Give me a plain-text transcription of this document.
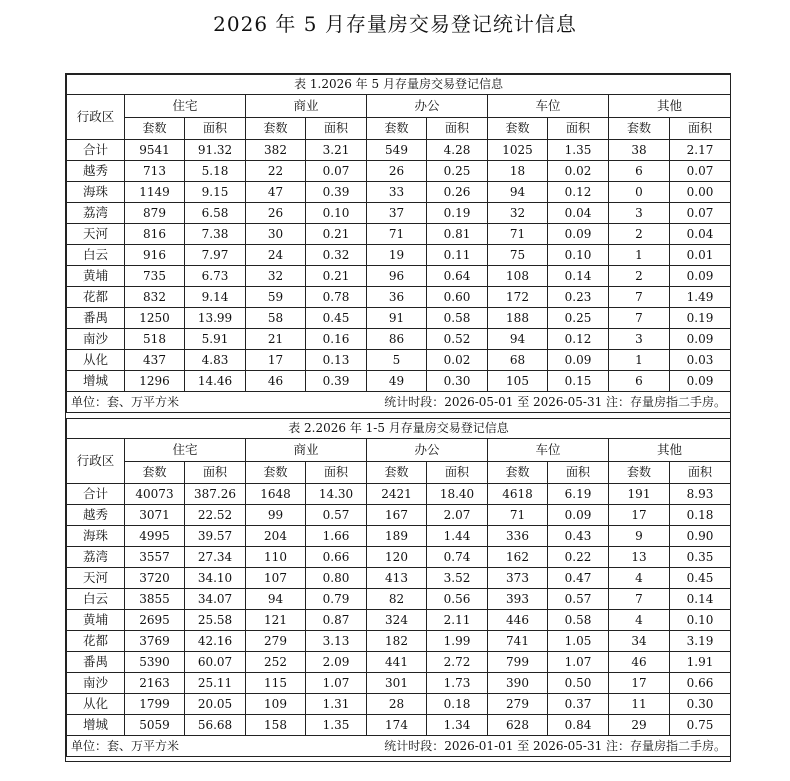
2026 年 5 月存量房交易登记统计信息
表 1.2026 年 5 月存量房交易登记信息										
行政区	住宅		商业		办公		车位		其他	
	套数	面积	套数	面积	套数	面积	套数	面积	套数	面积
合计	9541	91.32	382	3.21	549	4.28	1025	1.35	38	2.17
越秀	713	5.18	22	0.07	26	0.25	18	0.02	6	0.07
海珠	1149	9.15	47	0.39	33	0.26	94	0.12	0	0.00
荔湾	879	6.58	26	0.10	37	0.19	32	0.04	3	0.07
天河	816	7.38	30	0.21	71	0.81	71	0.09	2	0.04
白云	916	7.97	24	0.32	19	0.11	75	0.10	1	0.01
黄埔	735	6.73	32	0.21	96	0.64	108	0.14	2	0.09
花都	832	9.14	59	0.78	36	0.60	172	0.23	7	1.49
番禺	1250	13.99	58	0.45	91	0.58	188	0.25	7	0.19
南沙	518	5.91	21	0.16	86	0.52	94	0.12	3	0.09
从化	437	4.83	17	0.13	5	0.02	68	0.09	1	0.03
增城	1296	14.46	46	0.39	49	0.30	105	0.15	6	0.09

单位：套、万平方米 统计时段：2026-05-01 至 2026-05-31 注：存量房指二手房。										
表 2.2026 年 1-5 月存量房交易登记信息										
行政区	住宅		商业		办公		车位		其他	
	套数	面积	套数	面积	套数	面积	套数	面积	套数	面积
合计	40073	387.26	1648	14.30	2421	18.40	4618	6.19	191	8.93
越秀	3071	22.52	99	0.57	167	2.07	71	0.09	17	0.18
海珠	4995	39.57	204	1.66	189	1.44	336	0.43	9	0.90
荔湾	3557	27.34	110	0.66	120	0.74	162	0.22	13	0.35
天河	3720	34.10	107	0.80	413	3.52	373	0.47	4	0.45
白云	3855	34.07	94	0.79	82	0.56	393	0.57	7	0.14
黄埔	2695	25.58	121	0.87	324	2.11	446	0.58	4	0.10
花都	3769	42.16	279	3.13	182	1.99	741	1.05	34	3.19
番禺	5390	60.07	252	2.09	441	2.72	799	1.07	46	1.91
南沙	2163	25.11	115	1.07	301	1.73	390	0.50	17	0.66
从化	1799	20.05	109	1.31	28	0.18	279	0.37	11	0.30
增城	5059	56.68	158	1.35	174	1.34	628	0.84	29	0.75

单位：套、万平方米 统计时段：2026-01-01 至 2026-05-31 注：存量房指二手房。										
